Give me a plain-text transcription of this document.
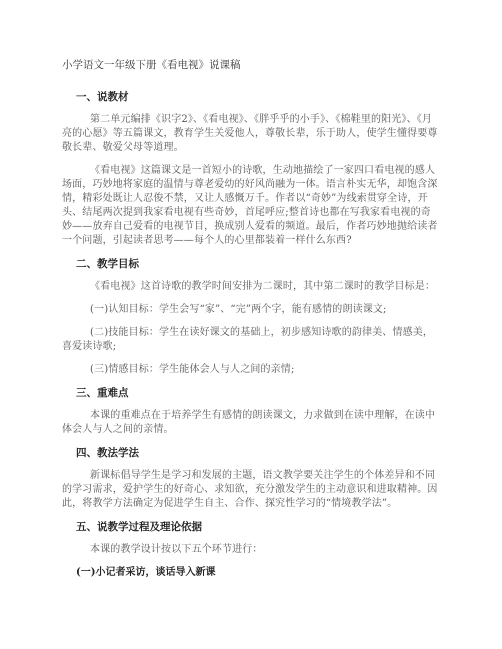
小学语文一年级下册《看电视》说课稿
一、说教材

第二单元编排《识字2》、《看电视》、《胖乎乎的小手》、《棉鞋里的阳光》、《月亮的心愿》等五篇课文，教育学生关爱他人，尊敬长辈，乐于助人，使学生懂得要尊敬长辈、敬爱父母等道理。

《看电视》这篇课文是一首短小的诗歌，生动地描绘了一家四口看电视的感人场面，巧妙地将家庭的温情与尊老爱幼的好风尚融为一体。语言朴实无华，却饱含深情，精彩处既让人忍俊不禁，又让人感慨万千。作者以“奇妙”为线索贯穿全诗，开头、结尾两次提到我家看电视有些奇妙，首尾呼应;整首诗也都在写我家看电视的奇妙——放弃自己爱看的电视节目，换成别人爱看的频道。最后，作者巧妙地抛给读者一个问题，引起读者思考——每个人的心里都装着一样什么东西?

二、教学目标

《看电视》这首诗歌的教学时间安排为二课时，其中第二课时的教学目标是：

(一)认知目标：学生会写“家”、“完”两个字，能有感情的朗读课文;

(二)技能目标：学生在读好课文的基础上，初步感知诗歌的韵律美、情感美，喜爱读诗歌;

(三)情感目标：学生能体会人与人之间的亲情;

三、重难点

本课的重难点在于培养学生有感情的朗读课文，力求做到在读中理解，在读中体会人与人之间的亲情。

四、教法学法

新课标倡导学生是学习和发展的主题，语文教学要关注学生的个体差异和不同的学习需求，爱护学生的好奇心、求知欲，充分激发学生的主动意识和进取精神。因此，将教学方法确定为促进学生自主、合作、探究性学习的“情境教学法”。

五、说教学过程及理论依据

本课的教学设计按以下五个环节进行：

(一)小记者采访，谈话导入新课
